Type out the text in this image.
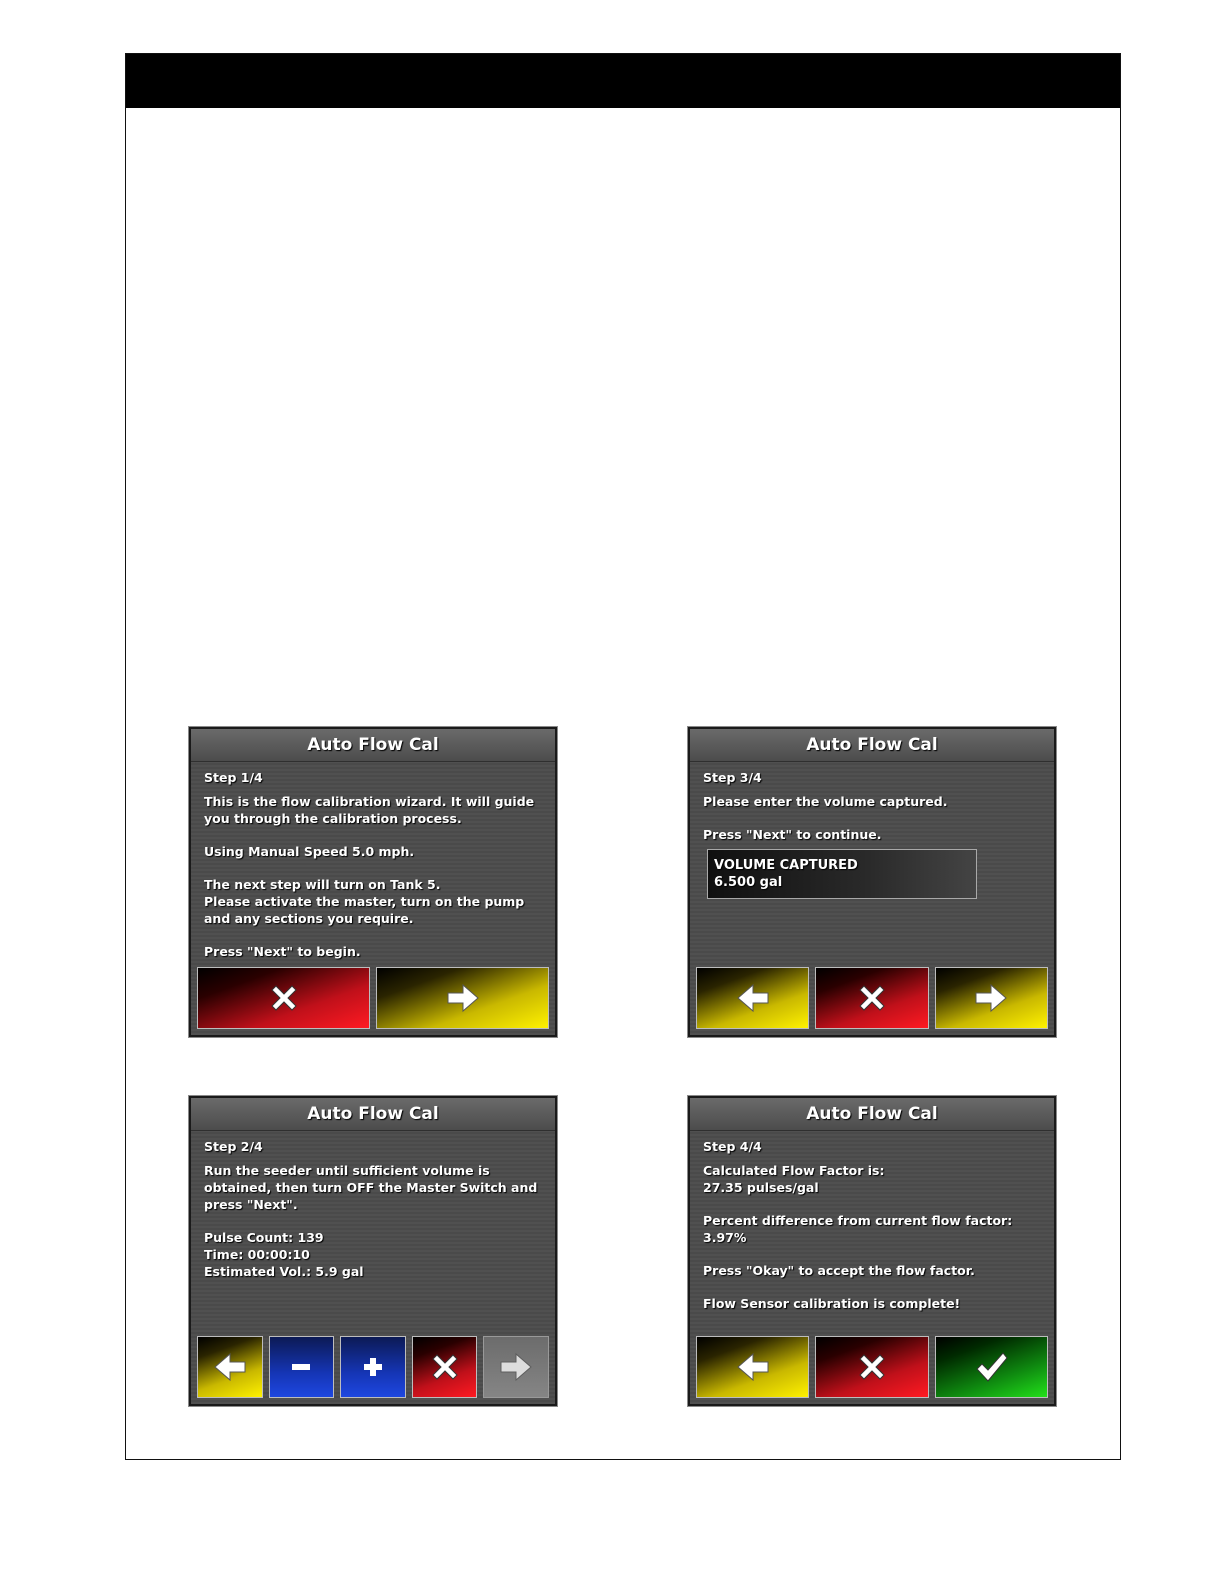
Auto Flow Cal

Step 1/4

This is the flow calibration wizard. It will guide you through the calibration process.

Using Manual Speed 5.0 mph.

The next step will turn on Tank 5.
Please activate the master, turn on the pump and any sections you require.

Press "Next" to begin.

Auto Flow Cal

Step 3/4

Please enter the volume captured.

Press "Next" to continue.

VOLUME CAPTURED

6.500 gal

Auto Flow Cal

Step 2/4

Run the seeder until sufficient volume is obtained, then turn OFF the Master Switch and press "Next".

Pulse Count: 139

Time: 00:00:10

Estimated Vol.: 5.9 gal

Auto Flow Cal

Step 4/4

Calculated Flow Factor is:

27.35 pulses/gal

Percent difference from current flow factor:

3.97%

Press "Okay" to accept the flow factor.

Flow Sensor calibration is complete!
